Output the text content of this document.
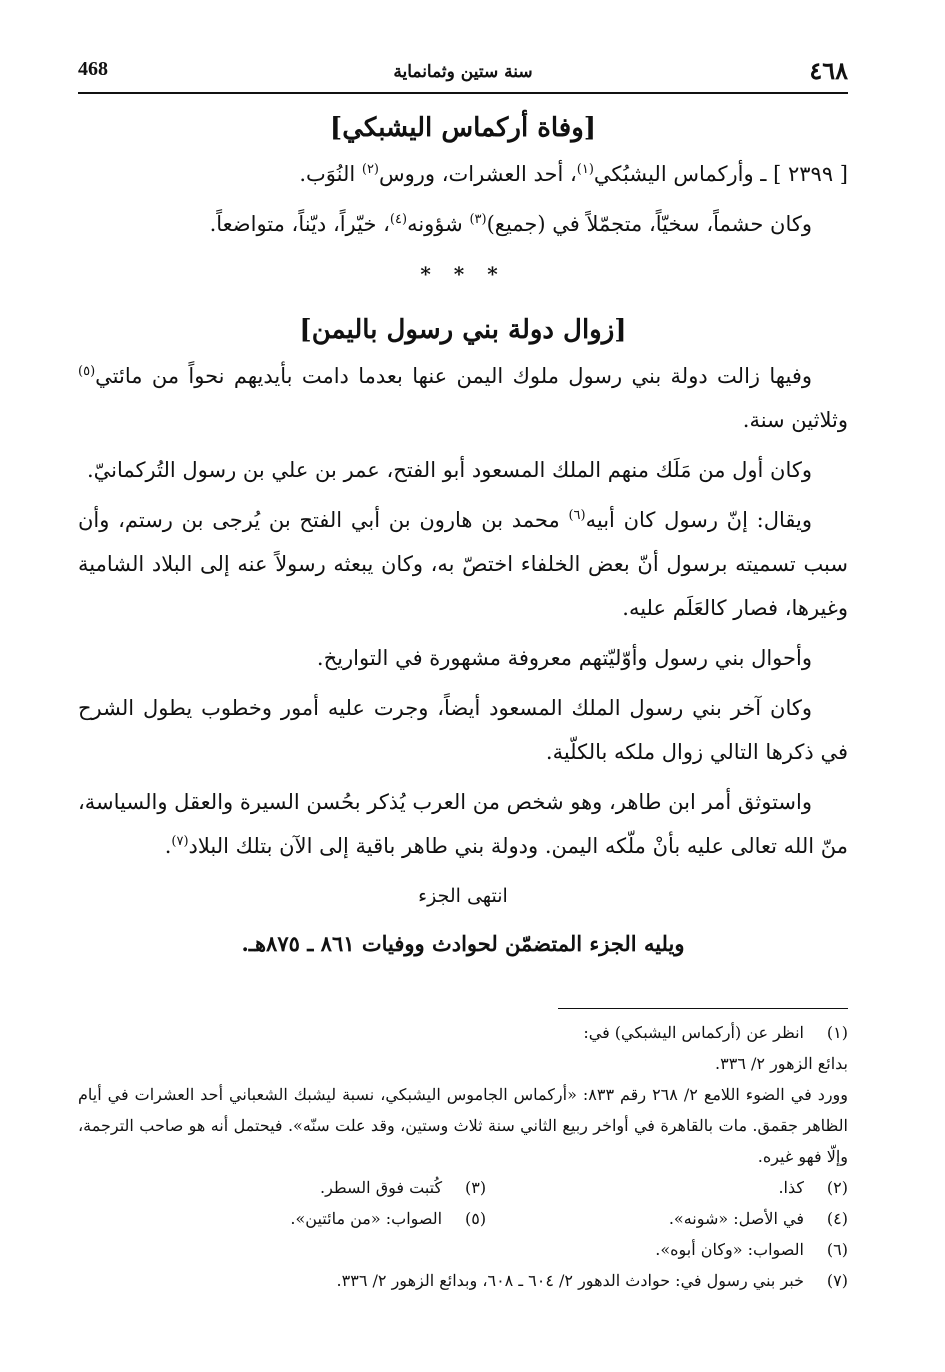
٤٦٨
سنة ستين وثمانماية
468
[وفاة أركماس اليشبكي]

[ ٢٣٩٩ ] ـ وأركماس اليشبُكي$^{(١)}$، أحد العشرات، وروس$^{(٢)}$ النُوَب.

وكان حشماً، سخيّاً، متجمّلاً في (جميع)$^{(٣)}$ شؤونه$^{(٤)}$، خيّراً، ديّناً، متواضعاً.

* * *
[زوال دولة بني رسول باليمن]

وفيها زالت دولة بني رسول ملوك اليمن عنها بعدما دامت بأيديهم نحواً من مائتي$^{(٥)}$ وثلاثين سنة.

وكان أول من مَلَك منهم الملك المسعود أبو الفتح، عمر بن علي بن رسول التُركمانيّ.

ويقال: إنّ رسول كان أبيه$^{(٦)}$ محمد بن هارون بن أبي الفتح بن يُرجى بن رستم، وأن سبب تسميته برسول أنّ بعض الخلفاء اختصّ به، وكان يبعثه رسولاً عنه إلى البلاد الشامية وغيرها، فصار كالعَلَم عليه.

وأحوال بني رسول وأوّليّتهم معروفة مشهورة في التواريخ.

وكان آخر بني رسول الملك المسعود أيضاً، وجرت عليه أمور وخطوب يطول الشرح في ذكرها التالي زوال ملكه بالكلّية.

واستوثق أمر ابن طاهر، وهو شخص من العرب يُذكر بحُسن السيرة والعقل والسياسة، منّ الله تعالى عليه بأنْ ملّكه اليمن. ودولة بني طاهر باقية إلى الآن بتلك البلاد$^{(٧)}$.

انتهى الجزء
ويليه الجزء المتضمّن لحوادث ووفيات ٨٦١ ـ ٨٧٥هـ.
(١)
انظر عن (أركماس اليشبكي) في:
بدائع الزهور ٢/ ٣٣٦.
وورد في الضوء اللامع ٢/ ٢٦٨ رقم ٨٣٣: «أركماس الجاموس اليشبكي، نسبة ليشبك الشعباني أحد العشرات في أيام الظاهر جقمق. مات بالقاهرة في أواخر ربيع الثاني سنة ثلاث وستين، وقد علت سنّه». فيحتمل أنه هو صاحب الترجمة، وإلّا فهو غيره.
(٢)
كذا.
(٣)
كُتبت فوق السطر.
(٤)
في الأصل: «شونه».
(٥)
الصواب: «من مائتين».
(٦)
الصواب: «وكان أبوه».
(٧)
خبر بني رسول في: حوادث الدهور ٢/ ٦٠٤ ـ ٦٠٨، وبدائع الزهور ٢/ ٣٣٦.
